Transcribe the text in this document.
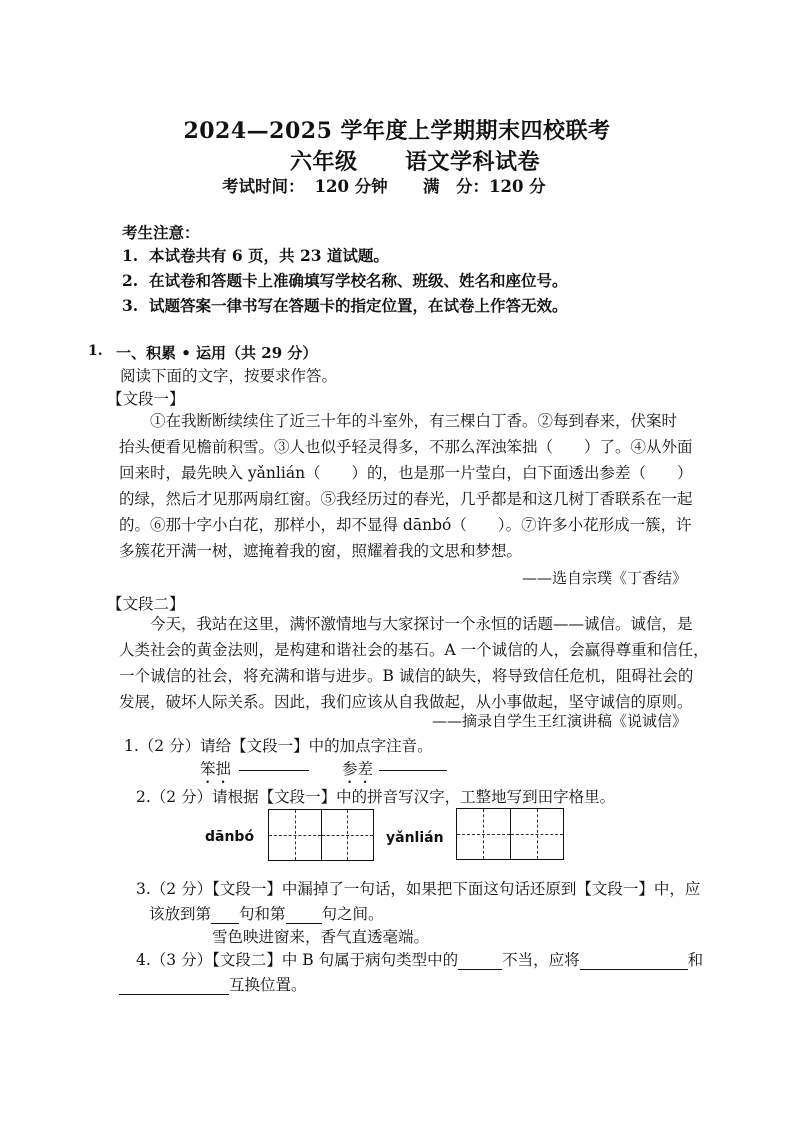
2024—2025 学年度上学期期末四校联考
六年级 语文学科试卷
考试时间： 120 分钟 满　分：120 分
考生注意：
1. 本试卷共有 6 页，共 23 道试题。
2. 在试卷和答题卡上准确填写学校名称、班级、姓名和座位号。
3. 试题答案一律书写在答题卡的指定位置，在试卷上作答无效。
1. 一、积累 • 运用（共 29 分）
阅读下面的文字，按要求作答。
【文段一】
①在我断断续续住了近三十年的斗室外，有三棵白丁香。②每到春来，伏案时
抬头便看见檐前积雪。③人也似乎轻灵得多，不那么浑浊笨拙（　　）了。④从外面
回来时，最先映入 yǎnlián（　　）的，也是那一片莹白，白下面透出参差（　　）
的绿，然后才见那两扇红窗。⑤我经历过的春光，几乎都是和这几树丁香联系在一起
的。⑥那十字小白花，那样小，却不显得 dānbó（　　）。⑦许多小花形成一簇，许
多簇花开满一树，遮掩着我的窗，照耀着我的文思和梦想。
——选自宗璞《丁香结》
【文段二】
今天，我站在这里，满怀激情地与大家探讨一个永恒的话题——诚信。诚信，是
人类社会的黄金法则，是构建和谐社会的基石。A 一个诚信的人，会赢得尊重和信任，
一个诚信的社会，将充满和谐与进步。B 诚信的缺失，将导致信任危机，阻碍社会的
发展，破坏人际关系。因此，我们应该从自我做起，从小事做起，坚守诚信的原则。
——摘录自学生王红演讲稿《说诚信》
1.（2 分）请给【文段一】中的加点字注音。
笨拙	参差
2.（2 分）请根据【文段一】中的拼音写汉字，工整地写到田字格里。
dānbó	yǎnlián
3.（2 分）【文段一】中漏掉了一句话，如果把下面这句话还原到【文段一】中，应
该放到第 句和第 句之间。
雪色映进窗来，香气直透毫端。
4.（3 分）【文段二】中 B 句属于病句类型中的	不当，应将	和
互换位置。
